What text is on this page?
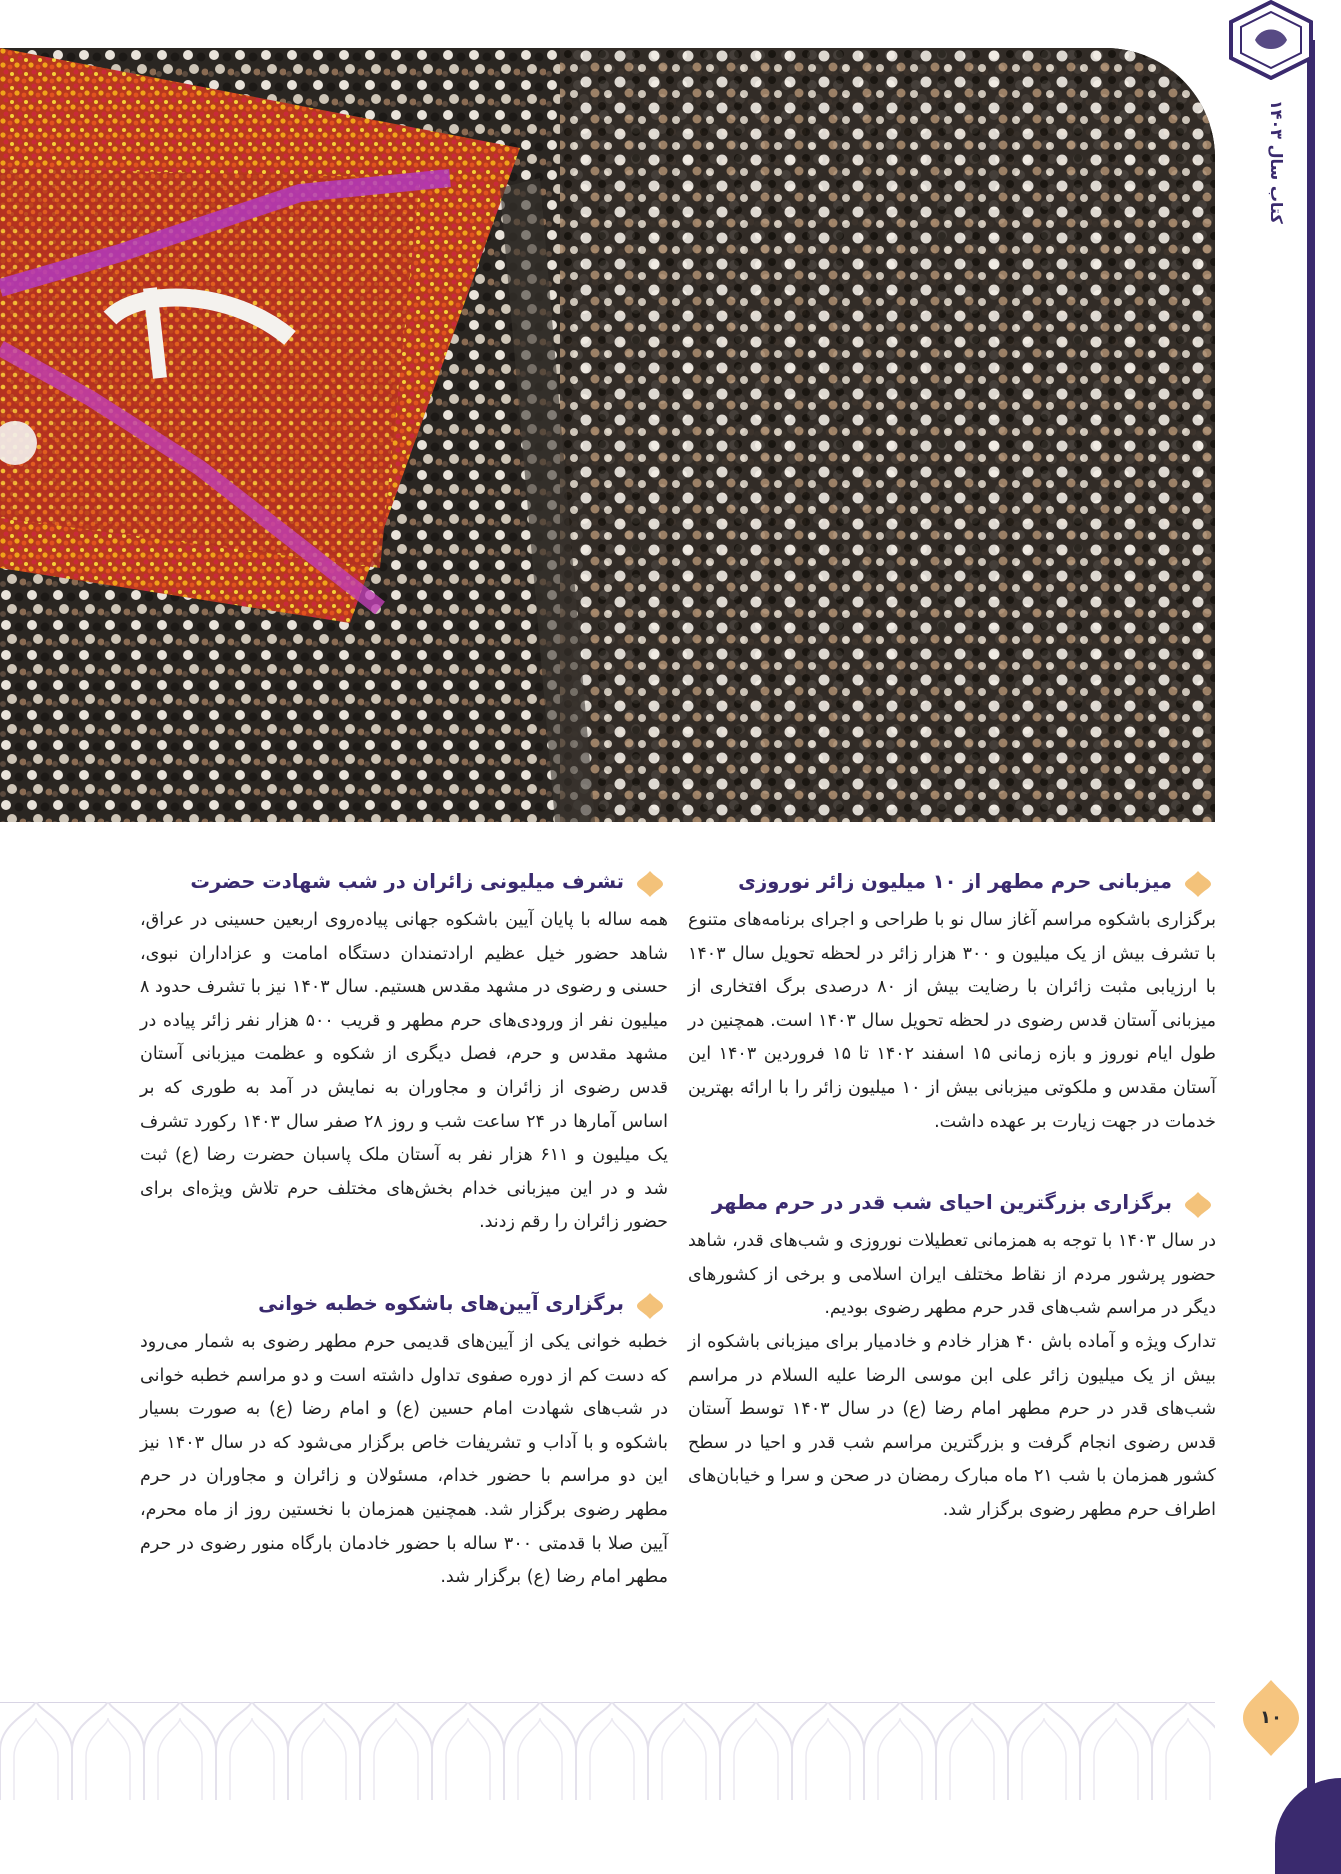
کتاب سال ۱۴۰۳
۱۰
میزبانی حرم مطهر از ۱۰ میلیون زائر نوروزی

برگزاری باشکوه مراسم آغاز سال نو با طراحی و اجرای برنامه‌های متنوع با تشرف بیش از یک میلیون و ۳۰۰ هزار زائر در لحظه تحویل سال ۱۴۰۳ با ارزیابی مثبت زائران با رضایت بیش از ۸۰ درصدی برگ افتخاری از میزبانی آستان قدس رضوی در لحظه تحویل سال ۱۴۰۳ است. همچنین در طول ایام نوروز و بازه زمانی ۱۵ اسفند ۱۴۰۲ تا ۱۵ فروردین ۱۴۰۳ این آستان مقدس و ملکوتی میزبانی بیش از ۱۰ میلیون زائر را با ارائه بهترین خدمات در جهت زیارت بر عهده داشت.

برگزاری بزرگترین احیای شب قدر در حرم مطهر

در سال ۱۴۰۳ با توجه به همزمانی تعطیلات نوروزی و شب‌های قدر، شاهد حضور پرشور مردم از نقاط مختلف ایران اسلامی و برخی از کشورهای دیگر در مراسم شب‌های قدر حرم مطهر رضوی بودیم.

تدارک ویژه و آماده باش ۴۰ هزار خادم و خادمیار برای میزبانی باشکوه از بیش از یک میلیون زائر علی ابن موسی الرضا علیه السلام در مراسم شب‌های قدر در حرم مطهر امام رضا (ع) در سال ۱۴۰۳ توسط آستان قدس رضوی انجام گرفت و بزرگترین مراسم شب قدر و احیا در سطح کشور همزمان با شب ۲۱ ماه مبارک رمضان در صحن و سرا و خیابان‌های اطراف حرم مطهر رضوی برگزار شد.

تشرف میلیونی زائران در شب شهادت حضرت

همه ساله با پایان آیین باشکوه جهانی پیاده‌روی اربعین حسینی در عراق، شاهد حضور خیل عظیم ارادتمندان دستگاه امامت و عزاداران نبوی، حسنی و رضوی در مشهد مقدس هستیم. سال ۱۴۰۳ نیز با تشرف حدود ۸ میلیون نفر از ورودی‌های حرم مطهر و قریب ۵۰۰ هزار نفر زائر پیاده در مشهد مقدس و حرم، فصل دیگری از شکوه و عظمت میزبانی آستان قدس رضوی از زائران و مجاوران به نمایش در آمد به طوری که بر اساس آمارها در ۲۴ ساعت شب و روز ۲۸ صفر سال ۱۴۰۳ رکورد تشرف یک میلیون و ۶۱۱ هزار نفر به آستان ملک پاسبان حضرت رضا (ع) ثبت شد و در این میزبانی خدام بخش‌های مختلف حرم تلاش ویژه‌ای برای حضور زائران را رقم زدند.

برگزاری آیین‌های باشکوه خطبه خوانی

خطبه خوانی یکی از آیین‌های قدیمی حرم مطهر رضوی به شمار می‌رود که دست کم از دوره صفوی تداول داشته است و دو مراسم خطبه خوانی در شب‌های شهادت امام حسین (ع) و امام رضا (ع) به صورت بسیار باشکوه و با آداب و تشریفات خاص برگزار می‌شود که در سال ۱۴۰۳ نیز این دو مراسم با حضور خدام، مسئولان و زائران و مجاوران در حرم مطهر رضوی برگزار شد. همچنین همزمان با نخستین روز از ماه محرم، آیین صلا با قدمتی ۳۰۰ ساله با حضور خادمان بارگاه منور رضوی در حرم مطهر امام رضا (ع) برگزار شد.
